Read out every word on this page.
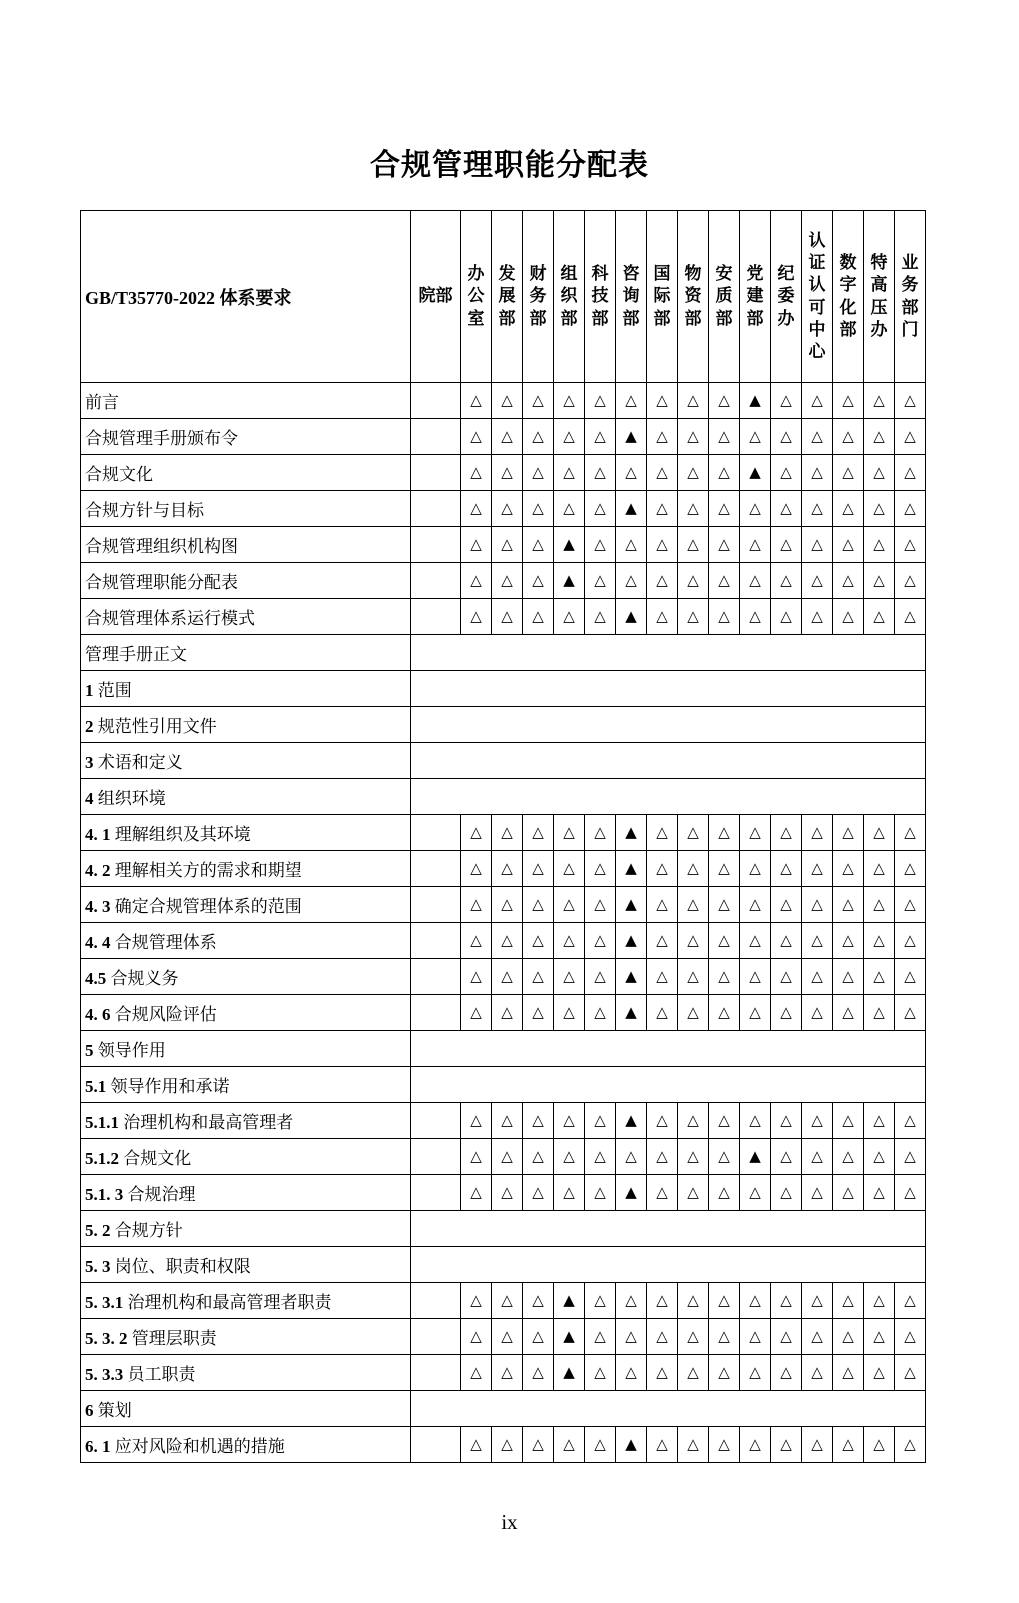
合规管理职能分配表
GB/T35770-2022 体系要求	院部	办公室	发展部	财务部	组织部	科技部	咨询部	国际部	物资部	安质部	党建部	纪委办	认证认可中心	数字化部	特高压办	业务部门
前言		△	△	△	△	△	△	△	△	△	▲	△	△	△	△	△
合规管理手册颁布令		△	△	△	△	△	▲	△	△	△	△	△	△	△	△	△
合规文化		△	△	△	△	△	△	△	△	△	▲	△	△	△	△	△
合规方针与目标		△	△	△	△	△	▲	△	△	△	△	△	△	△	△	△
合规管理组织机构图		△	△	△	▲	△	△	△	△	△	△	△	△	△	△	△
合规管理职能分配表		△	△	△	▲	△	△	△	△	△	△	△	△	△	△	△
合规管理体系运行模式		△	△	△	△	△	▲	△	△	△	△	△	△	△	△	△
管理手册正文																
1 范围																
2 规范性引用文件																
3 术语和定义																
4 组织环境																
4. 1 理解组织及其环境		△	△	△	△	△	▲	△	△	△	△	△	△	△	△	△
4. 2 理解相关方的需求和期望		△	△	△	△	△	▲	△	△	△	△	△	△	△	△	△
4. 3 确定合规管理体系的范围		△	△	△	△	△	▲	△	△	△	△	△	△	△	△	△
4. 4 合规管理体系		△	△	△	△	△	▲	△	△	△	△	△	△	△	△	△
4.5 合规义务		△	△	△	△	△	▲	△	△	△	△	△	△	△	△	△
4. 6 合规风险评估		△	△	△	△	△	▲	△	△	△	△	△	△	△	△	△
5 领导作用																
5.1 领导作用和承诺																
5.1.1 治理机构和最高管理者		△	△	△	△	△	▲	△	△	△	△	△	△	△	△	△
5.1.2 合规文化		△	△	△	△	△	△	△	△	△	▲	△	△	△	△	△
5.1. 3 合规治理		△	△	△	△	△	▲	△	△	△	△	△	△	△	△	△
5. 2 合规方针																
5. 3 岗位、职责和权限																
5. 3.1 治理机构和最高管理者职责		△	△	△	▲	△	△	△	△	△	△	△	△	△	△	△
5. 3. 2 管理层职责		△	△	△	▲	△	△	△	△	△	△	△	△	△	△	△
5. 3.3 员工职责		△	△	△	▲	△	△	△	△	△	△	△	△	△	△	△
6 策划																
6. 1 应对风险和机遇的措施		△	△	△	△	△	▲	△	△	△	△	△	△	△	△	△
ix
